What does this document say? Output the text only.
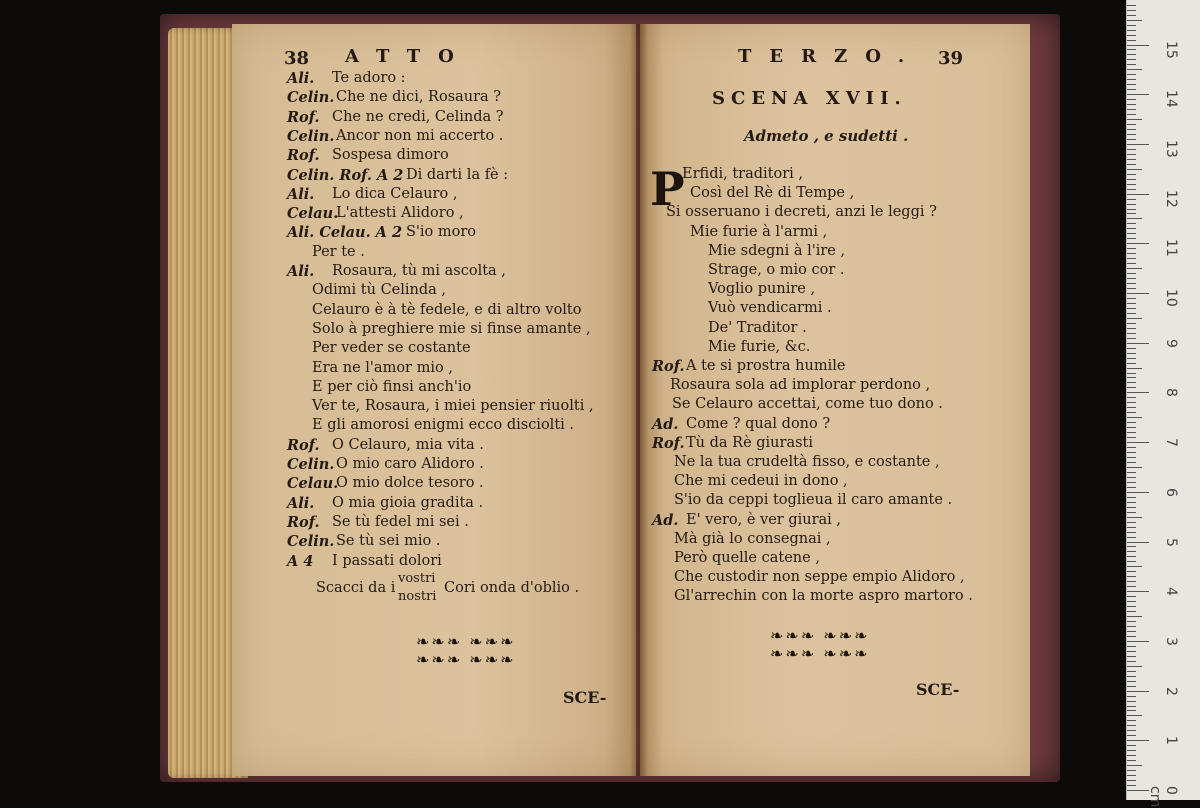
38 ATTO
Ali. Te adoro :
Celin. Che ne dici, Rosaura ?
Rof. Che ne credi, Celinda ?
Celin. Ancor non mi accerto .
Rof. Sospesa dimoro
Celin. Rof. A 2 Di darti la fè :
Ali. Lo dica Celauro ,
Celau.
L'attesti Alidoro ,
Ali. Celau. A 2 S'io moro
Per te .
Ali. Rosaura, tù mi ascolta ,
Odimi tù Celinda ,
Celauro è à tè fedele, e di altro volto
Solo à preghiere mie si finse amante ,
Per veder se costante
Era ne l'amor mio ,
E per ciò finsi anch'io
Ver te, Rosaura, i miei pensier riuolti ,
E gli amorosi enigmi ecco disciolti .
Rof. O Celauro, mia vita .
Celin. O mio caro Alidoro .
Celau.
O mio dolce tesoro .
Ali. O mia gioia gradita .
Rof. Se tù fedel mi sei .
Celin. Se tù sei mio .
A 4 I passati dolori
Scacci da i
vostri
nostri
Cori onda d'oblio .
❧❧❧ ❧❧❧
❧❧❧ ❧❧❧
SCE-
TERZO. 39
SCENA XVII.
Admeto , e sudetti .
P
Erfidi, traditori ,
Così del Rè di Tempe ,
Si osseruano i decreti, anzi le leggi ?
Mie furie à l'armi ,
Mie sdegni à l'ire ,
Strage, o mio cor .
Voglio punire ,
Vuò vendicarmi .
De' Traditor .
Mie furie, &c.
Rof. A te si prostra humile
Rosaura sola ad implorar perdono ,
Se Celauro accettai, come tuo dono .
Ad. Come ? qual dono ?
Rof. Tù da Rè giurasti
Ne la tua crudeltà fisso, e costante ,
Che mi cedeui in dono ,
S'io da ceppi toglieua il caro amante .
Ad. E' vero, è ver giurai ,
Mà già lo consegnai ,
Però quelle catene ,
Che custodir non seppe empio Alidoro ,
Gl'arrechin con la morte aspro martoro .
❧❧❧ ❧❧❧
❧❧❧ ❧❧❧
SCE-
0 cm
1
2
3
4
5
6
7
8
9
10
11
12
13
14
15
